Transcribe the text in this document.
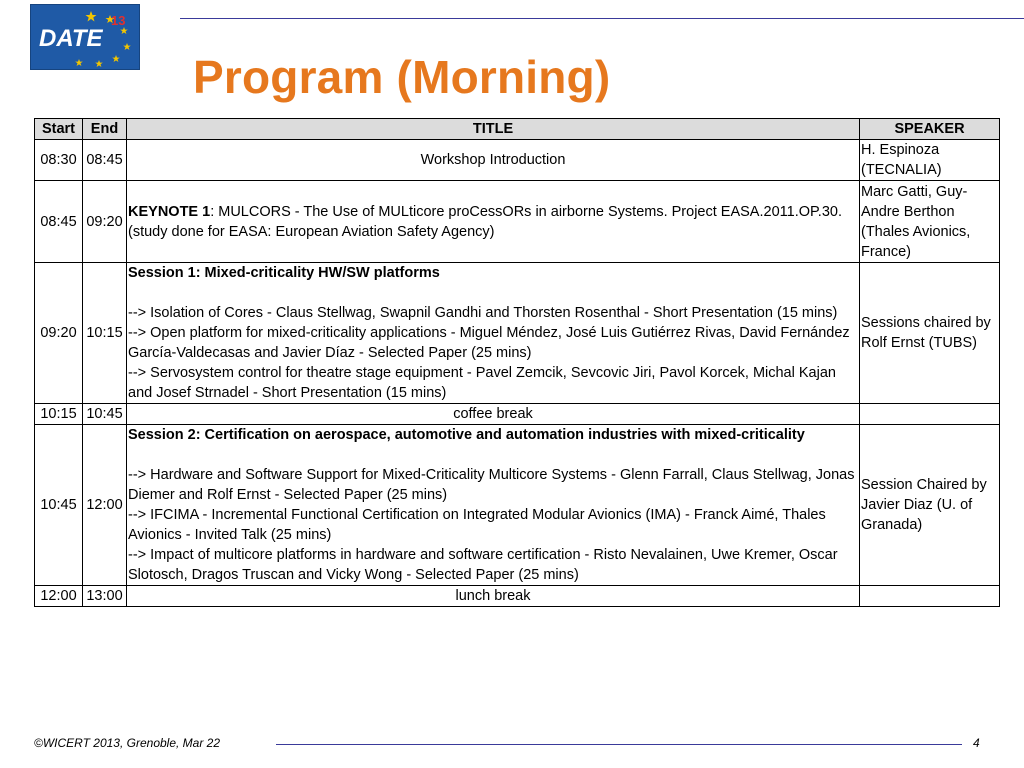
DATE
13
Program (Morning)
Start	End	TITLE	SPEAKER
08:30	08:45	Workshop Introduction	H. Espinoza (TECNALIA)
08:45	09:20	KEYNOTE 1: MULCORS - The Use of MULticore proCessORs in airborne Systems. Project EASA.2011.OP.30. (study done for EASA: European Aviation Safety Agency)	Marc Gatti, Guy-Andre Berthon (Thales Avionics, France)
09:20	10:15	Session 1: Mixed-criticality HW/SW platforms
--> Isolation of Cores - Claus Stellwag, Swapnil Gandhi and Thorsten Rosenthal - Short Presentation (15 mins)
--> Open platform for mixed-criticality applications - Miguel Méndez, José Luis Gutiérrez Rivas, David Fernández García-Valdecasas and Javier Díaz - Selected Paper (25 mins)
--> Servosystem control for theatre stage equipment - Pavel Zemcik, Sevcovic Jiri, Pavol Korcek, Michal Kajan and Josef Strnadel - Short Presentation (15 mins)	Sessions chaired by Rolf Ernst (TUBS)
10:15	10:45	coffee break	
10:45	12:00	Session 2: Certification on aerospace, automotive and automation industries with mixed-criticality
--> Hardware and Software Support for Mixed-Criticality Multicore Systems - Glenn Farrall, Claus Stellwag, Jonas Diemer and Rolf Ernst - Selected Paper (25 mins)
--> IFCIMA - Incremental Functional Certification on Integrated Modular Avionics (IMA) - Franck Aimé, Thales Avionics - Invited Talk (25 mins)
--> Impact of multicore platforms in hardware and software certification - Risto Nevalainen, Uwe Kremer, Oscar Slotosch, Dragos Truscan and Vicky Wong - Selected Paper (25 mins)	Session Chaired by Javier Diaz (U. of Granada)
12:00	13:00	lunch break	
©WICERT 2013, Grenoble, Mar 22	4
